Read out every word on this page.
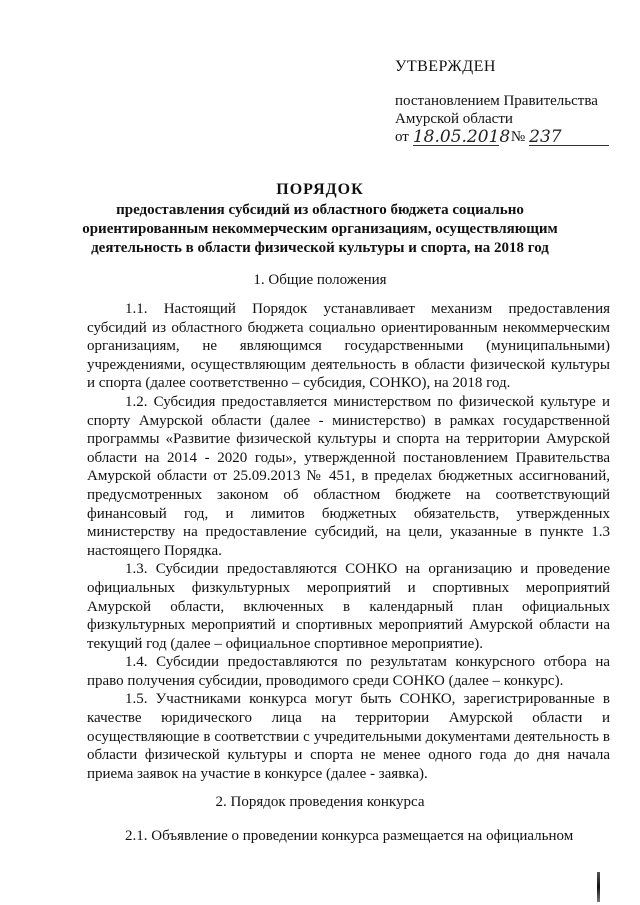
УТВЕРЖДЕН
постановлением Правительства
Амурской области
от 18.05.2018 № 237
ПОРЯДОК
предоставления субсидий из областного бюджета социально
ориентированным некоммерческим организациям, осуществляющим
деятельность в области физической культуры и спорта, на 2018 год
1. Общие положения

1.1. Настоящий Порядок устанавливает механизм предоставления субсидий из областного бюджета социально ориентированным некоммерческим организациям, не являющимся государственными (муниципальными) учреждениями, осуществляющим деятельность в области физической культуры и спорта (далее соответственно – субсидия, СОНКО), на 2018 год.

1.2. Субсидия предоставляется министерством по физической культуре и спорту Амурской области (далее - министерство) в рамках государственной программы «Развитие физической культуры и спорта на территории Амурской области на 2014 - 2020 годы», утвержденной постановлением Правительства Амурской области от 25.09.2013 № 451, в пределах бюджетных ассигнований, предусмотренных законом об областном бюджете на соответствующий финансовый год, и лимитов бюджетных обязательств, утвержденных министерству на предоставление субсидий, на цели, указанные в пункте 1.3 настоящего Порядка.

1.3. Субсидии предоставляются СОНКО на организацию и проведение официальных физкультурных мероприятий и спортивных мероприятий Амурской области, включенных в календарный план официальных физкультурных мероприятий и спортивных мероприятий Амурской области на текущий год (далее – официальное спортивное мероприятие).

1.4. Субсидии предоставляются по результатам конкурсного отбора на право получения субсидии, проводимого среди СОНКО (далее – конкурс).

1.5. Участниками конкурса могут быть СОНКО, зарегистрированные в качестве юридического лица на территории Амурской области и осуществляющие в соответствии с учредительными документами деятельность в области физической культуры и спорта не менее одного года до дня начала приема заявок на участие в конкурсе (далее - заявка).

2. Порядок проведения конкурса

2.1. Объявление о проведении конкурса размещается на официальном
